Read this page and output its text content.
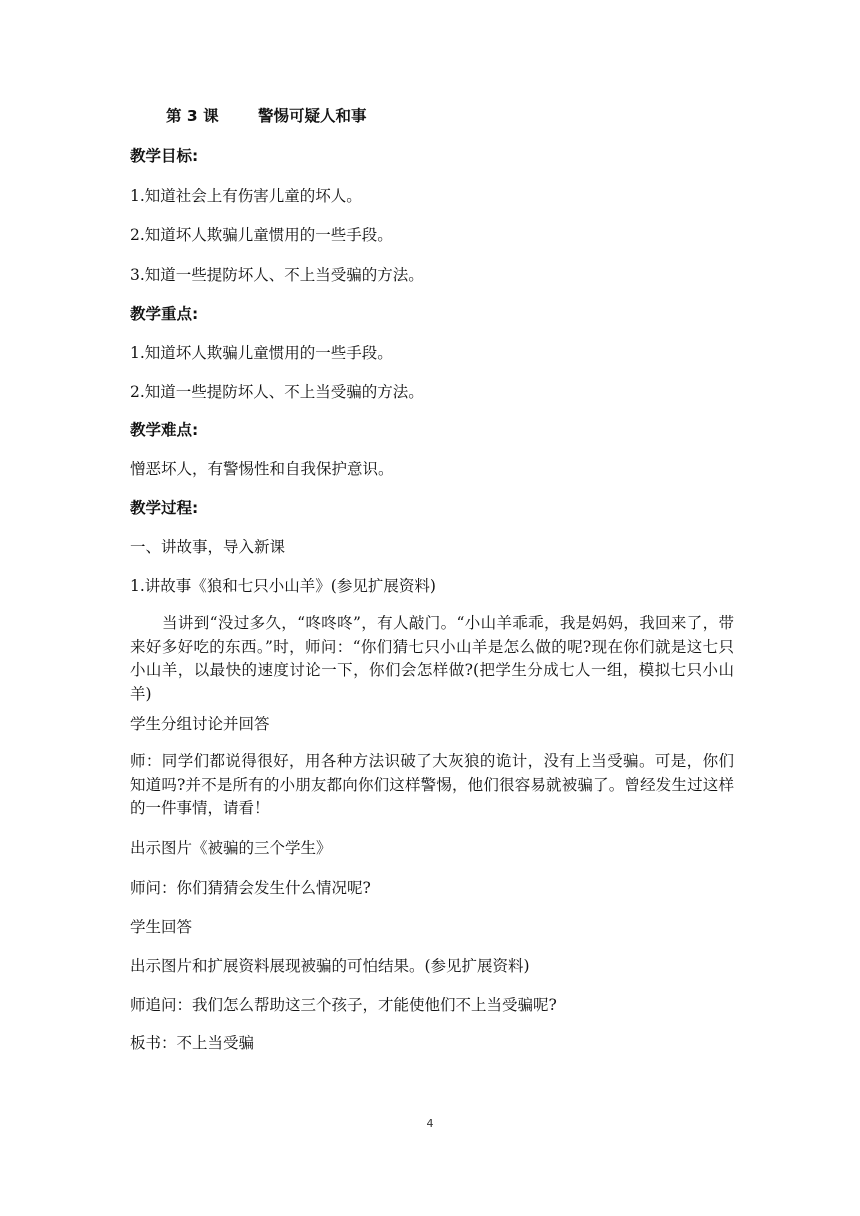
第 3 课	警惕可疑人和事
教学目标:
1.知道社会上有伤害儿童的坏人。
2.知道坏人欺骗儿童惯用的一些手段。
3.知道一些提防坏人、不上当受骗的方法。
教学重点:
1.知道坏人欺骗儿童惯用的一些手段。
2.知道一些提防坏人、不上当受骗的方法。
教学难点:
憎恶坏人，有警惕性和自我保护意识。
教学过程:
一、讲故事，导入新课
1.讲故事《狼和七只小山羊》(参见扩展资料)
当讲到“没过多久，“咚咚咚”，有人敲门。“小山羊乖乖，我是妈妈，我回来了，带来好多好吃的东西。”时，师问：“你们猜七只小山羊是怎么做的呢?现在你们就是这七只小山羊，以最快的速度讨论一下，你们会怎样做?(把学生分成七人一组，模拟七只小山羊)
学生分组讨论并回答
师：同学们都说得很好，用各种方法识破了大灰狼的诡计，没有上当受骗。可是，你们知道吗?并不是所有的小朋友都向你们这样警惕，他们很容易就被骗了。曾经发生过这样的一件事情，请看！
出示图片《被骗的三个学生》
师问：你们猜猜会发生什么情况呢?
学生回答
出示图片和扩展资料展现被骗的可怕结果。(参见扩展资料)
师追问：我们怎么帮助这三个孩子，才能使他们不上当受骗呢?
板书：不上当受骗
4
